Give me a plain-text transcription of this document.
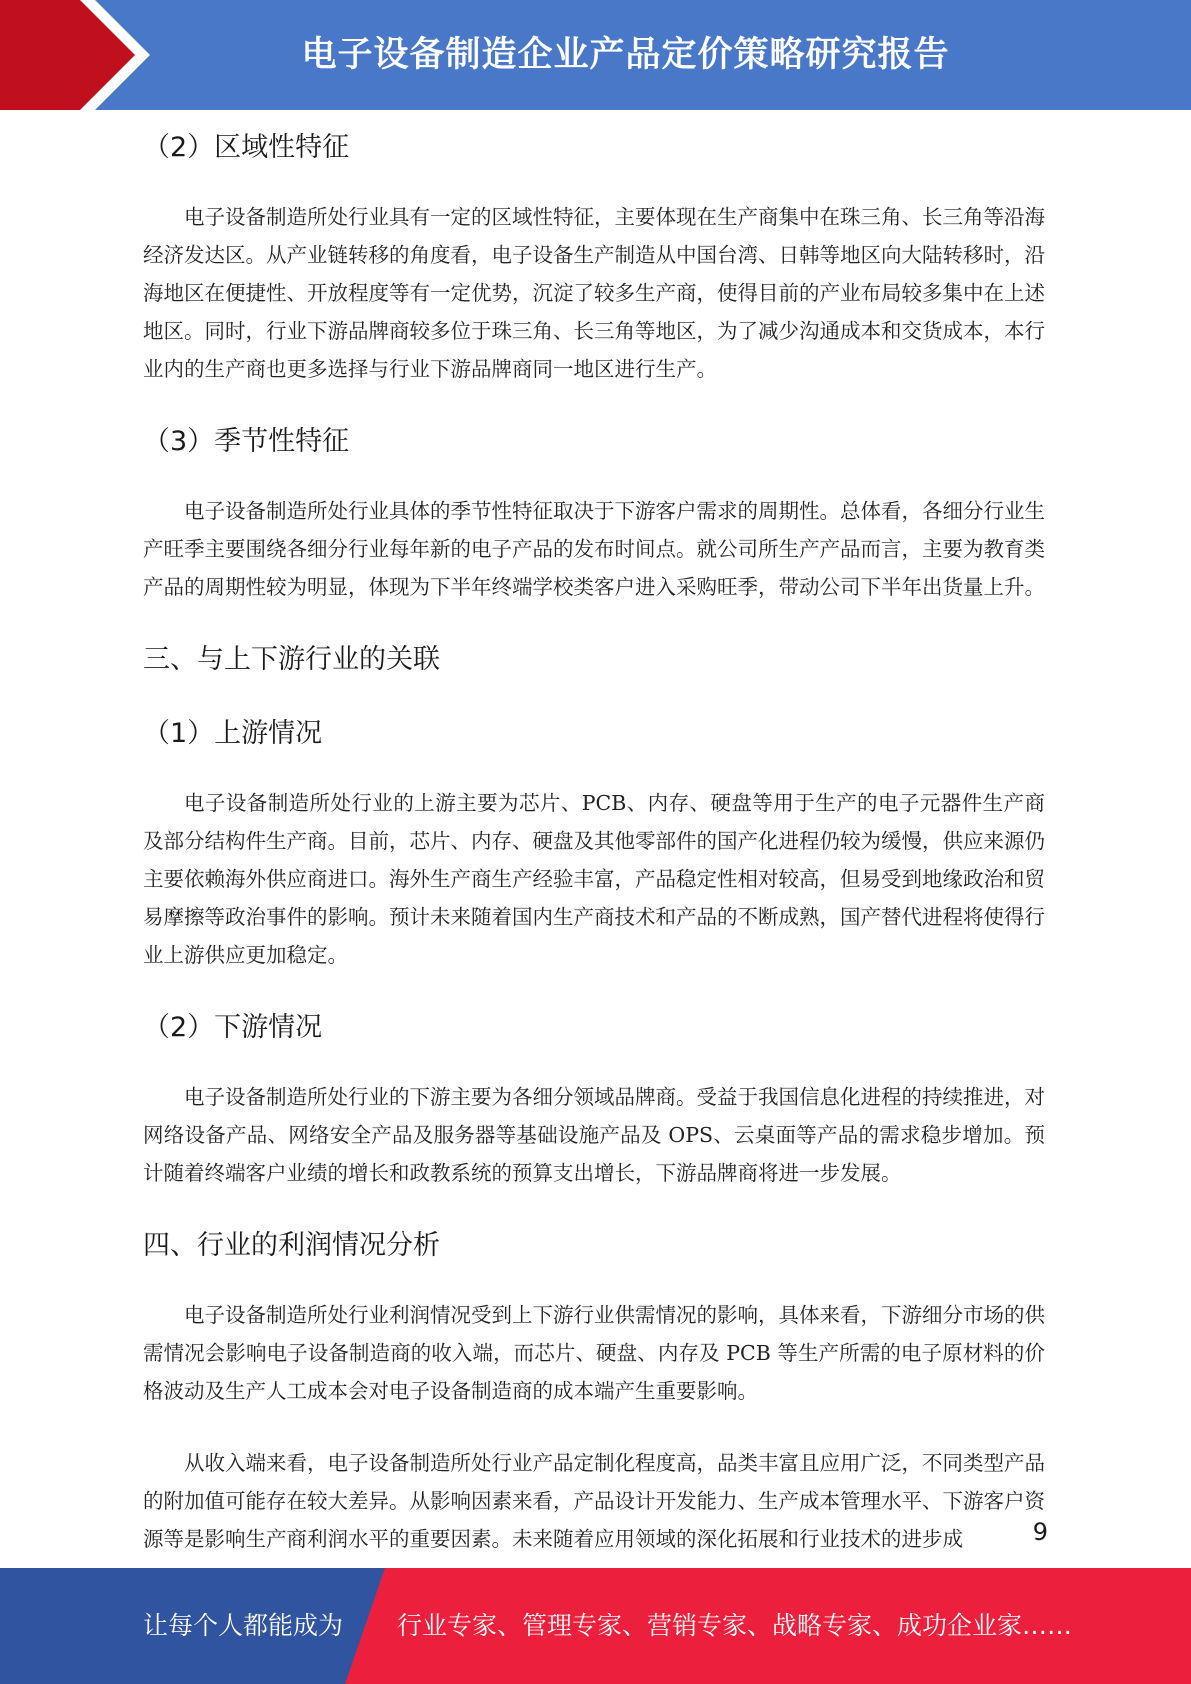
电子设备制造企业产品定价策略研究报告
（2）区域性特征

电子设备制造所处行业具有一定的区域性特征，主要体现在生产商集中在珠三角、长三角等沿海经济发达区。从产业链转移的角度看，电子设备生产制造从中国台湾、日韩等地区向大陆转移时，沿海地区在便捷性、开放程度等有一定优势，沉淀了较多生产商，使得目前的产业布局较多集中在上述地区。同时，行业下游品牌商较多位于珠三角、长三角等地区，为了减少沟通成本和交货成本，本行业内的生产商也更多选择与行业下游品牌商同一地区进行生产。

（3）季节性特征

电子设备制造所处行业具体的季节性特征取决于下游客户需求的周期性。总体看，各细分行业生产旺季主要围绕各细分行业每年新的电子产品的发布时间点。就公司所生产产品而言，主要为教育类产品的周期性较为明显，体现为下半年终端学校类客户进入采购旺季，带动公司下半年出货量上升。

三、与上下游行业的关联
（1）上游情况

电子设备制造所处行业的上游主要为芯片、PCB、内存、硬盘等用于生产的电子元器件生产商及部分结构件生产商。目前，芯片、内存、硬盘及其他零部件的国产化进程仍较为缓慢，供应来源仍主要依赖海外供应商进口。海外生产商生产经验丰富，产品稳定性相对较高，但易受到地缘政治和贸易摩擦等政治事件的影响。预计未来随着国内生产商技术和产品的不断成熟，国产替代进程将使得行业上游供应更加稳定。

（2）下游情况

电子设备制造所处行业的下游主要为各细分领域品牌商。受益于我国信息化进程的持续推进，对网络设备产品、网络安全产品及服务器等基础设施产品及 OPS、云桌面等产品的需求稳步增加。预计随着终端客户业绩的增长和政教系统的预算支出增长，下游品牌商将进一步发展。

四、行业的利润情况分析

电子设备制造所处行业利润情况受到上下游行业供需情况的影响，具体来看，下游细分市场的供需情况会影响电子设备制造商的收入端，而芯片、硬盘、内存及 PCB 等生产所需的电子原材料的价格波动及生产人工成本会对电子设备制造商的成本端产生重要影响。

从收入端来看，电子设备制造所处行业产品定制化程度高，品类丰富且应用广泛，不同类型产品的附加值可能存在较大差异。从影响因素来看，产品设计开发能力、生产成本管理水平、下游客户资源等是影响生产商利润水平的重要因素。未来随着应用领域的深化拓展和行业技术的进步成	9
让每个人都能成为 行业专家、管理专家、营销专家、战略专家、成功企业家……
